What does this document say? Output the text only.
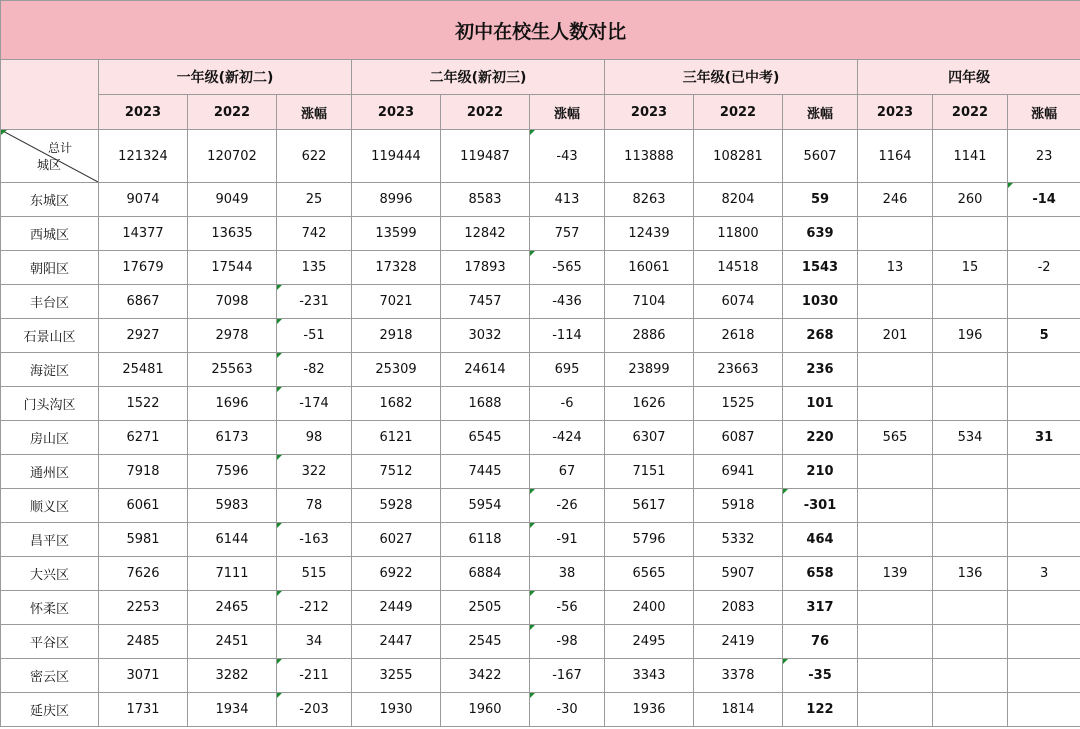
初中在校生人数对比												
	一年级(新初二)			二年级(新初三)			三年级(已中考)			四年级		
	2023	2022	涨幅	2023	2022	涨幅	2023	2022	涨幅	2023	2022	涨幅

总计
城区	121324	120702	622	119444	119487	-43	113888	108281	5607	1164	1141	23
东城区	9074	9049	25	8996	8583	413	8263	8204	59	246	260	-14
西城区	14377	13635	742	13599	12842	757	12439	11800	639			
朝阳区	17679	17544	135	17328	17893	-565	16061	14518	1543	13	15	-2
丰台区	6867	7098	-231	7021	7457	-436	7104	6074	1030			
石景山区	2927	2978	-51	2918	3032	-114	2886	2618	268	201	196	5
海淀区	25481	25563	-82	25309	24614	695	23899	23663	236			
门头沟区	1522	1696	-174	1682	1688	-6	1626	1525	101			
房山区	6271	6173	98	6121	6545	-424	6307	6087	220	565	534	31
通州区	7918	7596	322	7512	7445	67	7151	6941	210			
顺义区	6061	5983	78	5928	5954	-26	5617	5918	-301			
昌平区	5981	6144	-163	6027	6118	-91	5796	5332	464			
大兴区	7626	7111	515	6922	6884	38	6565	5907	658	139	136	3
怀柔区	2253	2465	-212	2449	2505	-56	2400	2083	317			
平谷区	2485	2451	34	2447	2545	-98	2495	2419	76			
密云区	3071	3282	-211	3255	3422	-167	3343	3378	-35			
延庆区	1731	1934	-203	1930	1960	-30	1936	1814	122			
